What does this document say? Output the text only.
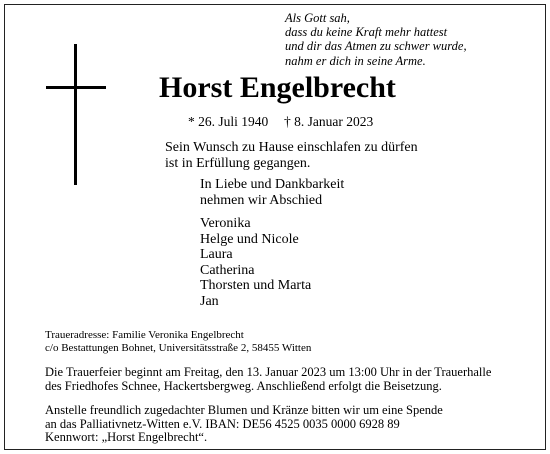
Als Gott sah,
dass du keine Kraft mehr hattest
und dir das Atmen zu schwer wurde,
nahm er dich in seine Arme.
Horst Engelbrecht
* 26. Juli 1940 † 8. Januar 2023
Sein Wunsch zu Hause einschlafen zu dürfen
ist in Erfüllung gegangen.
In Liebe und Dankbarkeit
nehmen wir Abschied
Veronika
Helge und Nicole
Laura
Catherina
Thorsten und Marta
Jan
Traueradresse: Familie Veronika Engelbrecht
c/o Bestattungen Bohnet, Universitätsstraße 2, 58455 Witten
Die Trauerfeier beginnt am Freitag, den 13. Januar 2023 um 13:00 Uhr in der Trauerhalle
des Friedhofes Schnee, Hackertsbergweg. Anschließend erfolgt die Beisetzung.
Anstelle freundlich zugedachter Blumen und Kränze bitten wir um eine Spende
an das Palliativnetz-Witten e.V. IBAN: DE56 4525 0035 0000 6928 89
Kennwort: „Horst Engelbrecht“.
